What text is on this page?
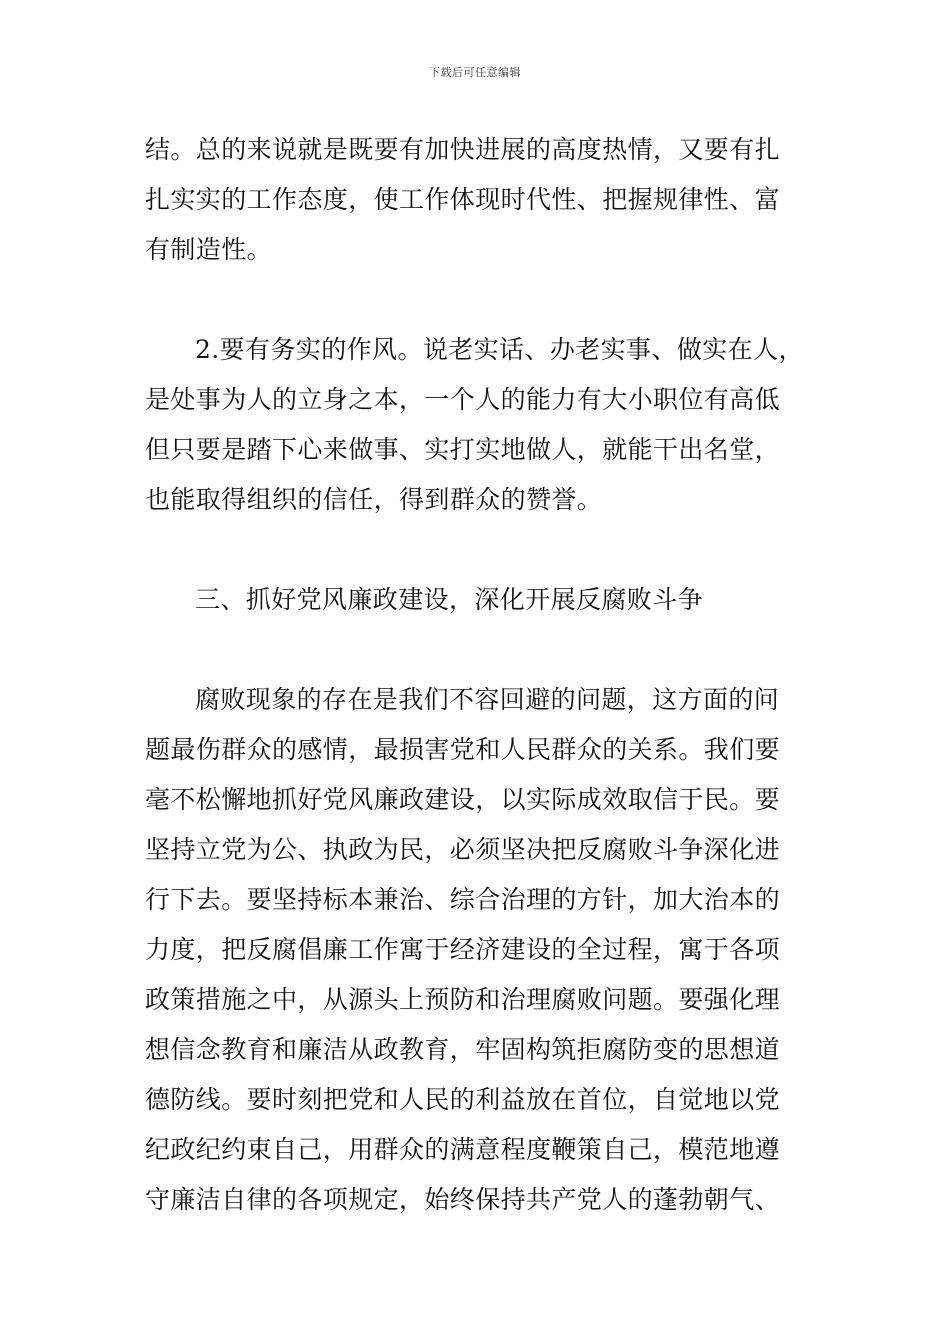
下载后可任意编辑
结。总的来说就是既要有加快进展的高度热情，又要有扎
扎实实的工作态度，使工作体现时代性、把握规律性、富
有制造性。
2.要有务实的作风。说老实话、办老实事、做实在人，
是处事为人的立身之本，一个人的能力有大小职位有高低
但只要是踏下心来做事、实打实地做人，就能干出名堂，
也能取得组织的信任，得到群众的赞誉。
三、抓好党风廉政建设，深化开展反腐败斗争
腐败现象的存在是我们不容回避的问题，这方面的问
题最伤群众的感情，最损害党和人民群众的关系。我们要
毫不松懈地抓好党风廉政建设，以实际成效取信于民。要
坚持立党为公、执政为民，必须坚决把反腐败斗争深化进
行下去。要坚持标本兼治、综合治理的方针，加大治本的
力度，把反腐倡廉工作寓于经济建设的全过程，寓于各项
政策措施之中，从源头上预防和治理腐败问题。要强化理
想信念教育和廉洁从政教育，牢固构筑拒腐防变的思想道
德防线。要时刻把党和人民的利益放在首位，自觉地以党
纪政纪约束自己，用群众的满意程度鞭策自己，模范地遵
守廉洁自律的各项规定，始终保持共产党人的蓬勃朝气、
